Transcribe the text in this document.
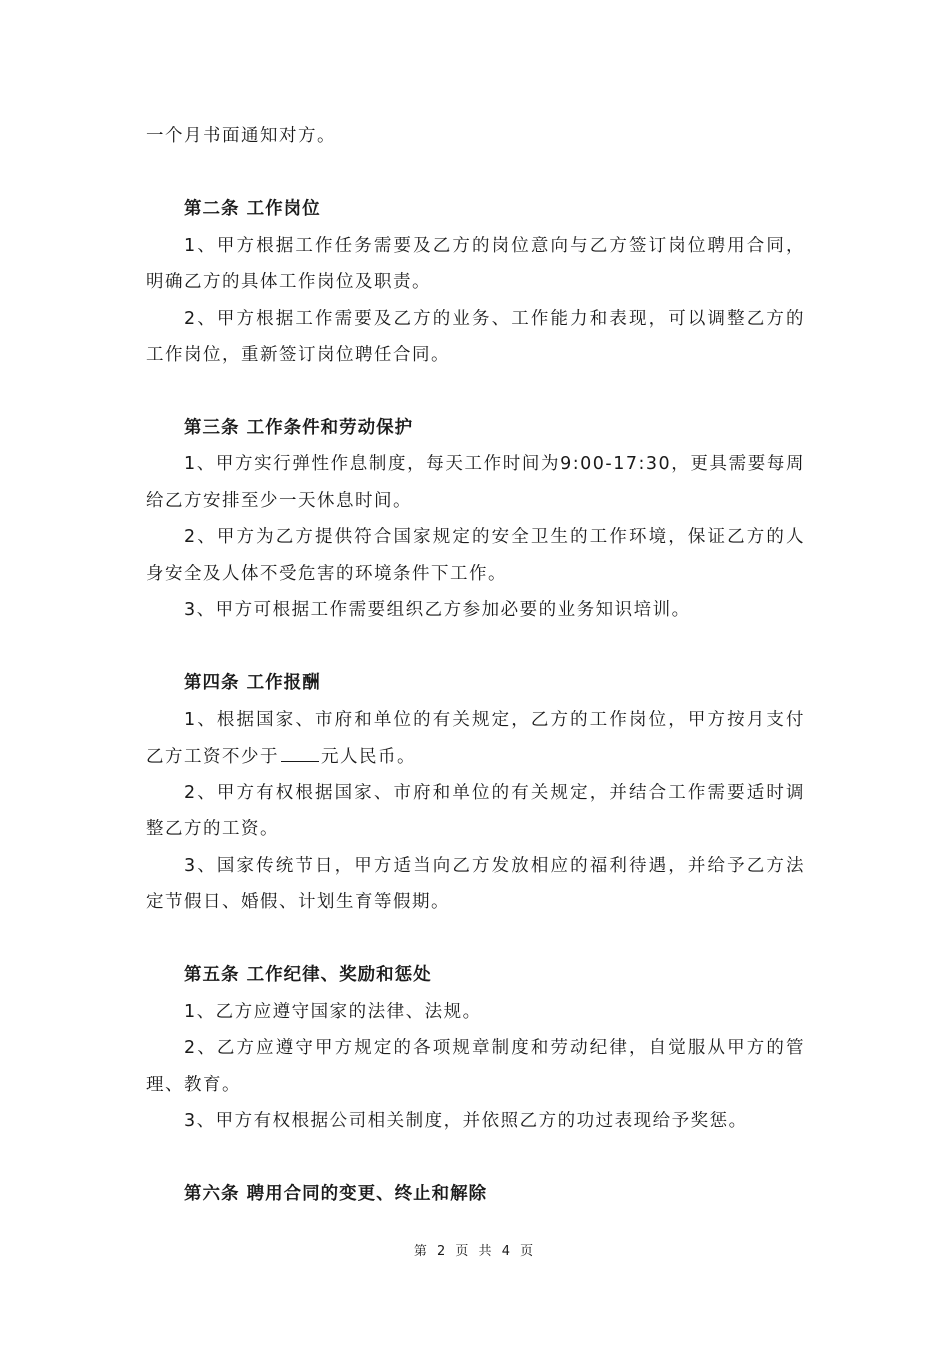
一个月书面通知对方。
第二条 工作岗位
1、甲方根据工作任务需要及乙方的岗位意向与乙方签订岗位聘用合同，
明确乙方的具体工作岗位及职责。
2、甲方根据工作需要及乙方的业务、工作能力和表现，可以调整乙方的
工作岗位，重新签订岗位聘任合同。
第三条 工作条件和劳动保护
1、甲方实行弹性作息制度，每天工作时间为9:00-17:30，更具需要每周
给乙方安排至少一天休息时间。
2、甲方为乙方提供符合国家规定的安全卫生的工作环境，保证乙方的人
身安全及人体不受危害的环境条件下工作。
3、甲方可根据工作需要组织乙方参加必要的业务知识培训。
第四条 工作报酬
1、根据国家、市府和单位的有关规定，乙方的工作岗位，甲方按月支付
乙方工资不少于 元人民币。
2、甲方有权根据国家、市府和单位的有关规定，并结合工作需要适时调
整乙方的工资。
3、国家传统节日，甲方适当向乙方发放相应的福利待遇，并给予乙方法
定节假日、婚假、计划生育等假期。
第五条 工作纪律、奖励和惩处
1、乙方应遵守国家的法律、法规。
2、乙方应遵守甲方规定的各项规章制度和劳动纪律，自觉服从甲方的管
理、教育。
3、甲方有权根据公司相关制度，并依照乙方的功过表现给予奖惩。
第六条 聘用合同的变更、终止和解除
第 2 页 共 4 页
